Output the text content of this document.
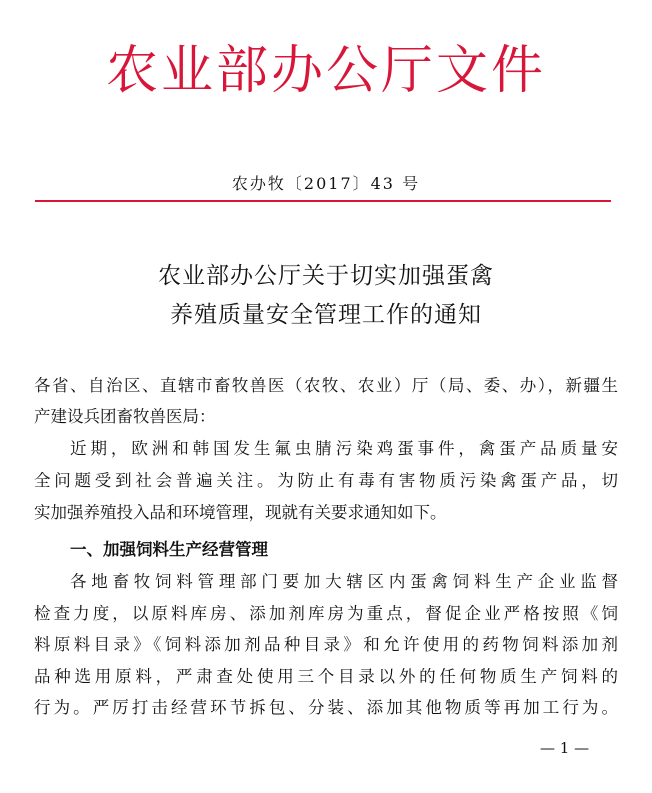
农业部办公厅文件
农办牧〔2017〕43 号
农业部办公厅关于切实加强蛋禽
养殖质量安全管理工作的通知
各省、自治区、直辖市畜牧兽医（农牧、农业）厅（局、委、办），新疆生
产建设兵团畜牧兽医局：
近期，欧洲和韩国发生氟虫腈污染鸡蛋事件，禽蛋产品质量安
全问题受到社会普遍关注。为防止有毒有害物质污染禽蛋产品，切
实加强养殖投入品和环境管理，现就有关要求通知如下。
一、加强饲料生产经营管理
各地畜牧饲料管理部门要加大辖区内蛋禽饲料生产企业监督
检查力度，以原料库房、添加剂库房为重点，督促企业严格按照《饲
料原料目录》《饲料添加剂品种目录》和允许使用的药物饲料添加剂
品种选用原料，严肃查处使用三个目录以外的任何物质生产饲料的
行为。严厉打击经营环节拆包、分装、添加其他物质等再加工行为。
— 1 —
